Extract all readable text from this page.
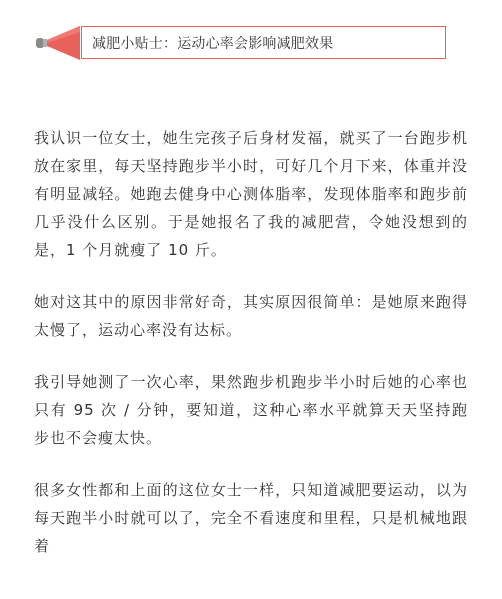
减肥小贴士：运动心率会影响减肥效果

我认识一位女士，她生完孩子后身材发福，就买了一台跑步机放在家里，每天坚持跑步半小时，可好几个月下来，体重并没有明显减轻。她跑去健身中心测体脂率，发现体脂率和跑步前几乎没什么区别。于是她报名了我的减肥营，令她没想到的是，1 个月就瘦了 10 斤。

她对这其中的原因非常好奇，其实原因很简单：是她原来跑得太慢了，运动心率没有达标。

我引导她测了一次心率，果然跑步机跑步半小时后她的心率也只有 95 次 / 分钟，要知道，这种心率水平就算天天坚持跑步也不会瘦太快。

很多女性都和上面的这位女士一样，只知道减肥要运动，以为每天跑半小时就可以了，完全不看速度和里程，只是机械地跟着
